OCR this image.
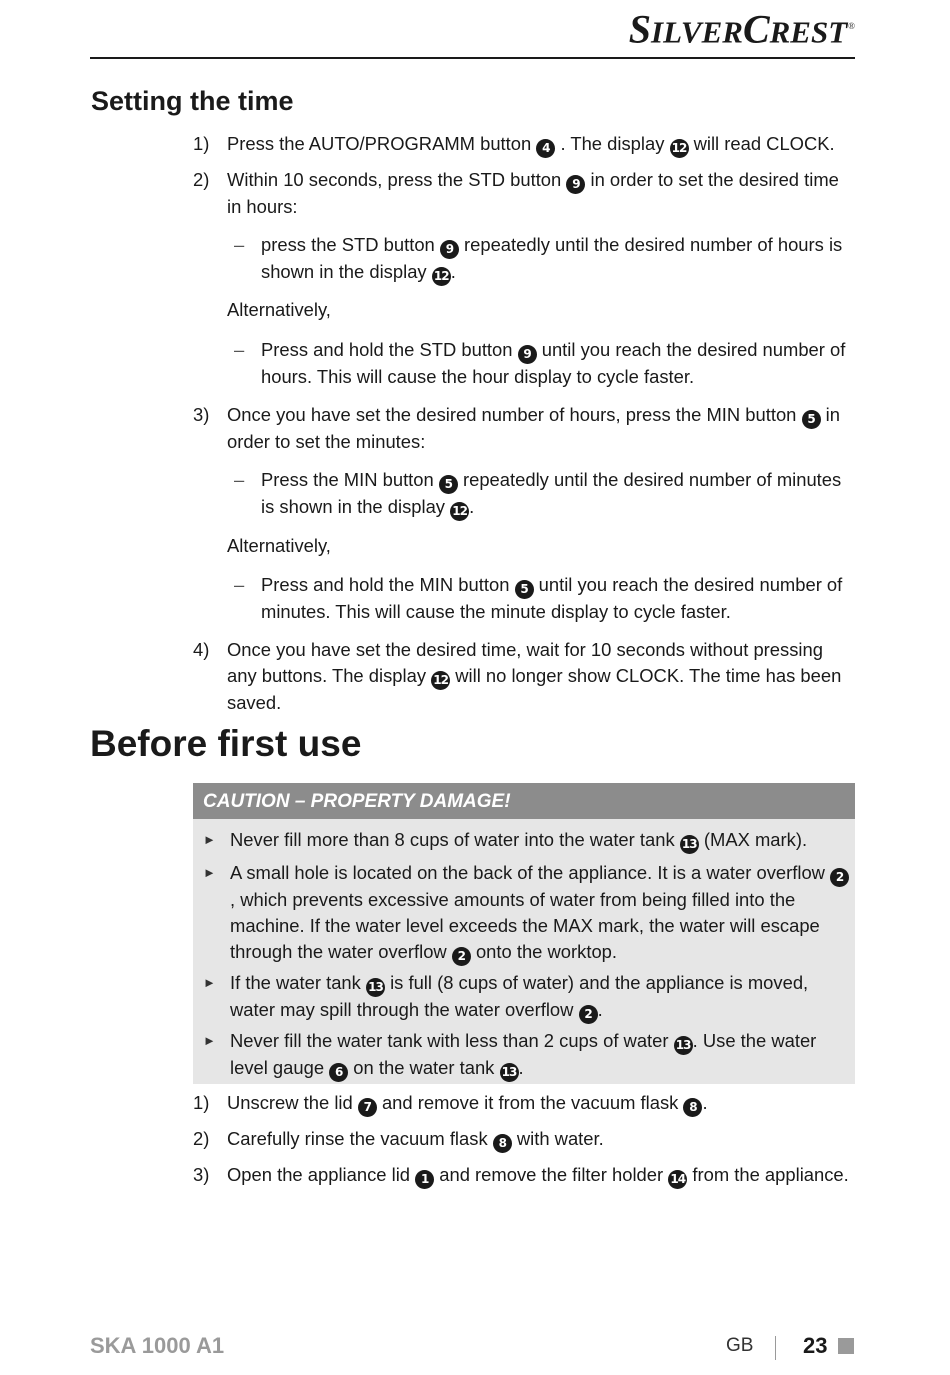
SILVERCREST®
Setting the time
1) Press the AUTO/PROGRAMM button 4 . The display 12 will read CLOCK.
2) Within 10 seconds, press the STD button 9 in order to set the desired time in hours:
– press the STD button 9 repeatedly until the desired number of hours is shown in the display 12 .
Alternatively,
– Press and hold the STD button 9 until you reach the desired number of hours. This will cause the hour display to cycle faster.
3) Once you have set the desired number of hours, press the MIN button 5 in order to set the minutes:
– Press the MIN button 5 repeatedly until the desired number of minutes is shown in the display 12 .
Alternatively,
– Press and hold the MIN button 5 until you reach the desired number of minutes. This will cause the minute display to cycle faster.
4) Once you have set the desired time, wait for 10 seconds without pressing any buttons. The display 12 will no longer show CLOCK. The time has been saved.
Before first use
CAUTION – PROPERTY DAMAGE!
► Never fill more than 8 cups of water into the water tank 13 (MAX mark).
► A small hole is located on the back of the appliance. It is a water overflow 2, which prevents excessive amounts of water from being filled into the machine. If the water level exceeds the MAX mark, the water will escape through the water overflow 2 onto the worktop.
► If the water tank 13 is full (8 cups of water) and the appliance is moved, water may spill through the water overflow 2 .
► Never fill the water tank with less than 2 cups of water 13 . Use the water level gauge 6 on the water tank 13 .
1) Unscrew the lid 7 and remove it from the vacuum flask 8 .
2) Carefully rinse the vacuum flask 8 with water.
3) Open the appliance lid 1 and remove the filter holder 14 from the appliance.
SKA 1000 A1	GB 23
